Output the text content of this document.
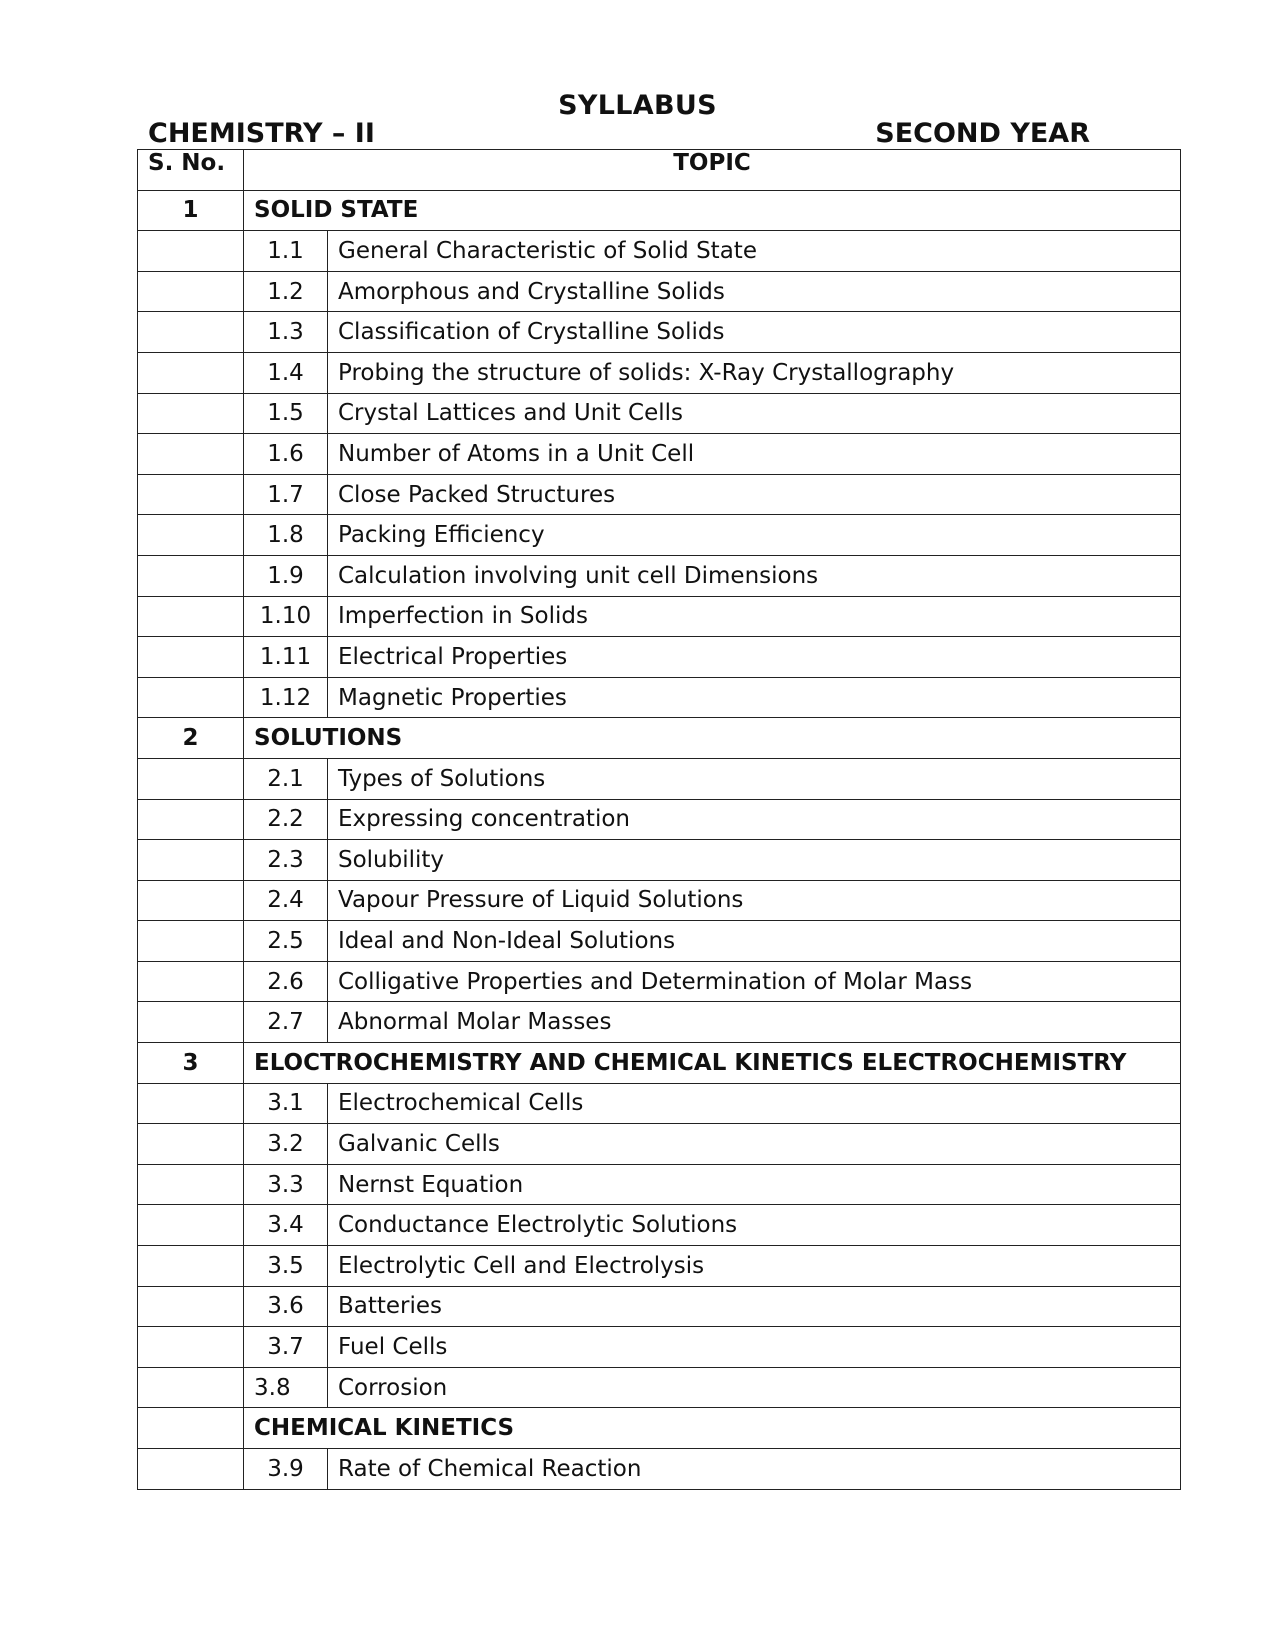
SYLLABUS
CHEMISTRY – II	SECOND YEAR
S. No.	TOPIC	
1	SOLID STATE	
	1.1	General Characteristic of Solid State
	1.2	Amorphous and Crystalline Solids
	1.3	Classification of Crystalline Solids
	1.4	Probing the structure of solids: X-Ray Crystallography
	1.5	Crystal Lattices and Unit Cells
	1.6	Number of Atoms in a Unit Cell
	1.7	Close Packed Structures
	1.8	Packing Efficiency
	1.9	Calculation involving unit cell Dimensions
	1.10	Imperfection in Solids
	1.11	Electrical Properties
	1.12	Magnetic Properties
2	SOLUTIONS	
	2.1	Types of Solutions
	2.2	Expressing concentration
	2.3	Solubility
	2.4	Vapour Pressure of Liquid Solutions
	2.5	Ideal and Non-Ideal Solutions
	2.6	Colligative Properties and Determination of Molar Mass
	2.7	Abnormal Molar Masses
3	ELOCTROCHEMISTRY AND CHEMICAL KINETICS ELECTROCHEMISTRY	
	3.1	Electrochemical Cells
	3.2	Galvanic Cells
	3.3	Nernst Equation
	3.4	Conductance Electrolytic Solutions
	3.5	Electrolytic Cell and Electrolysis
	3.6	Batteries
	3.7	Fuel Cells
	3.8	Corrosion
	CHEMICAL KINETICS	
	3.9	Rate of Chemical Reaction
